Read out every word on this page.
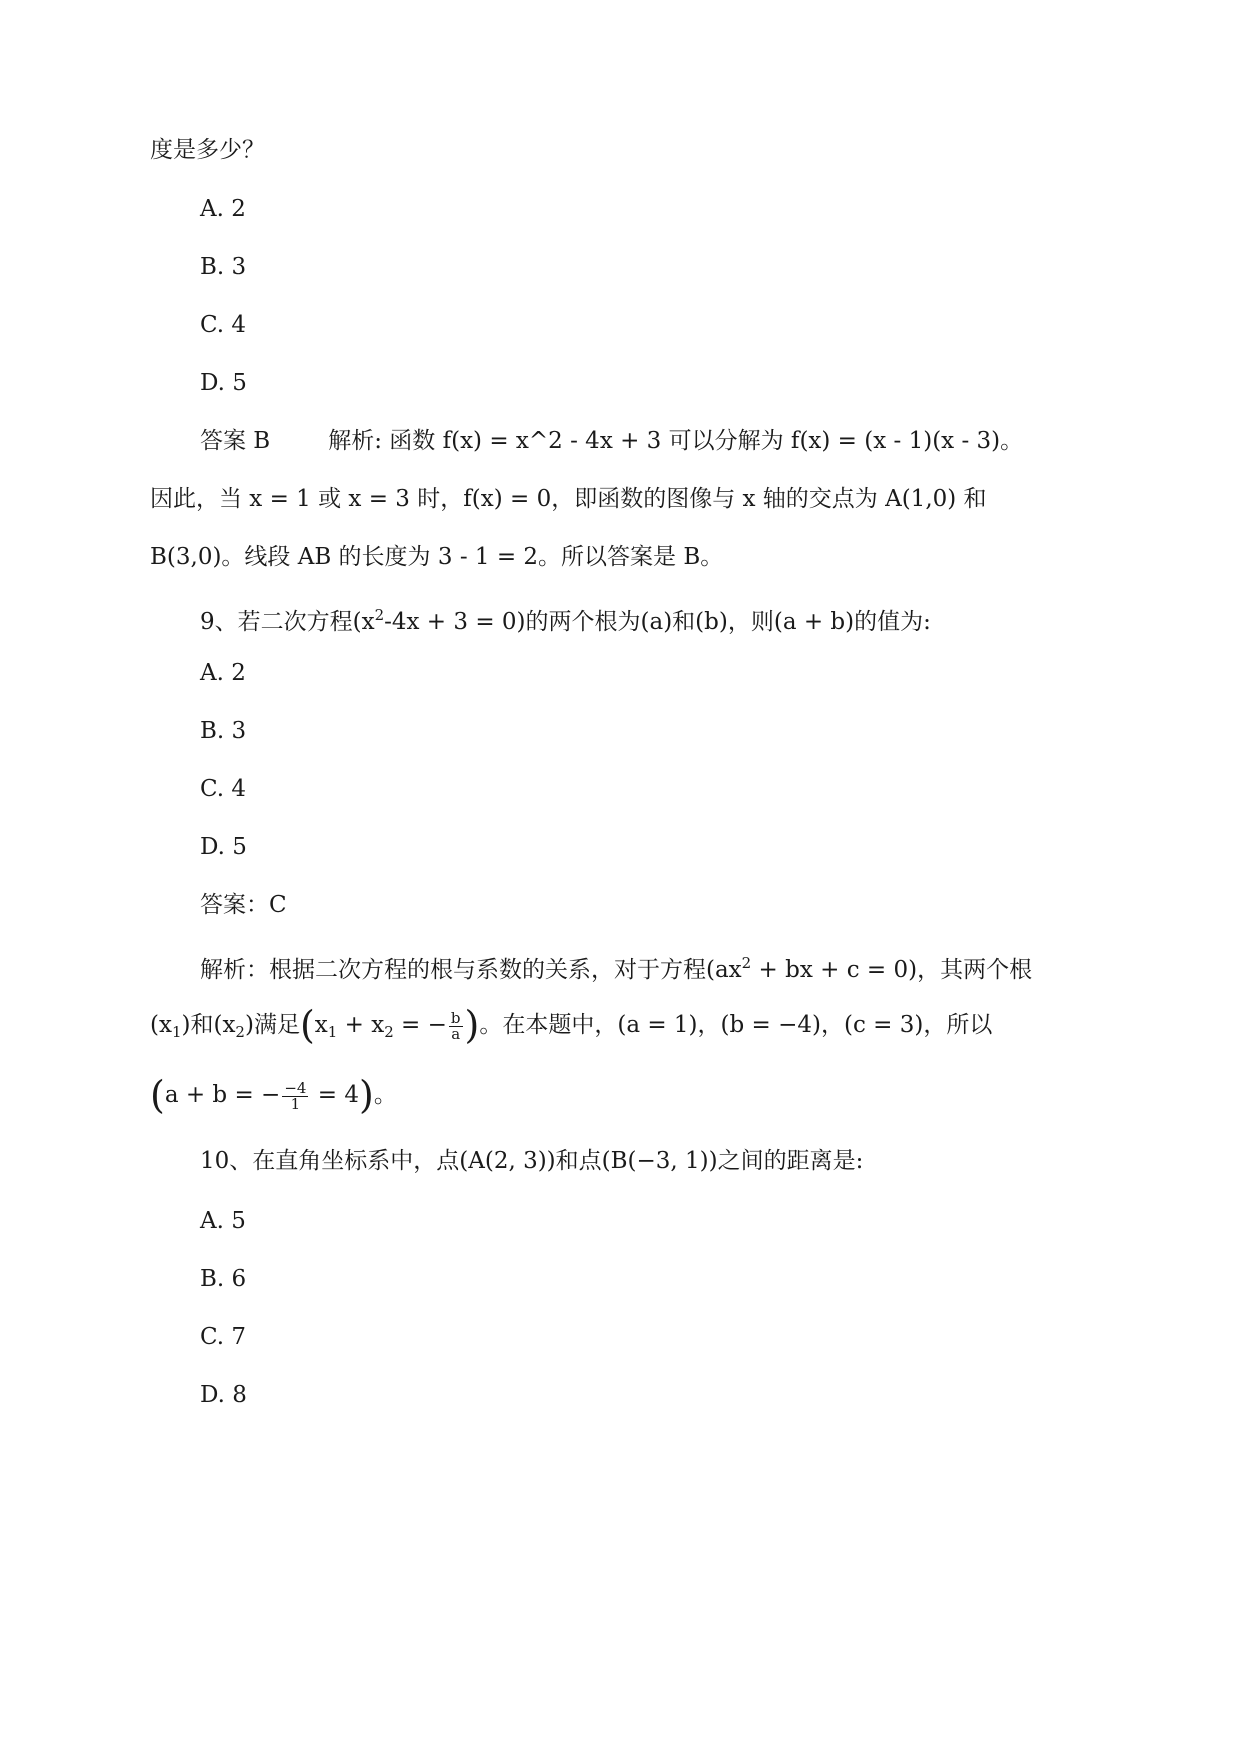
度是多少？
A. 2
B. 3
C. 4
D. 5
答案 B	解析: 函数 f(x) = x^2 - 4x + 3 可以分解为 f(x) = (x - 1)(x - 3)。
因此，当 x = 1 或 x = 3 时，f(x) = 0，即函数的图像与 x 轴的交点为 A(1,0) 和
B(3,0)。线段 AB 的长度为 3 - 1 = 2。所以答案是 B。
9、若二次方程$(x^2-4x + 3 = 0)$的两个根为(a)和(b)，则(a + b)的值为:
A. 2
B. 3
C. 4
D. 5
答案：C
解析：根据二次方程的根与系数的关系，对于方程($ax^2$ + bx + c = 0)，其两个根
$(x_1)$和$(x_2)$满足($x_1 + x_2$ = − $\frac{b}{a}$ )。在本题中，(a = 1)，(b = −4)，(c = 3)，所以
(a + b = − $\frac{-4}{1} = 4$)。
10、在直角坐标系中，点(A(2, 3))和点(B(−3, 1))之间的距离是:
A. 5
B. 6
C. 7
D. 8
